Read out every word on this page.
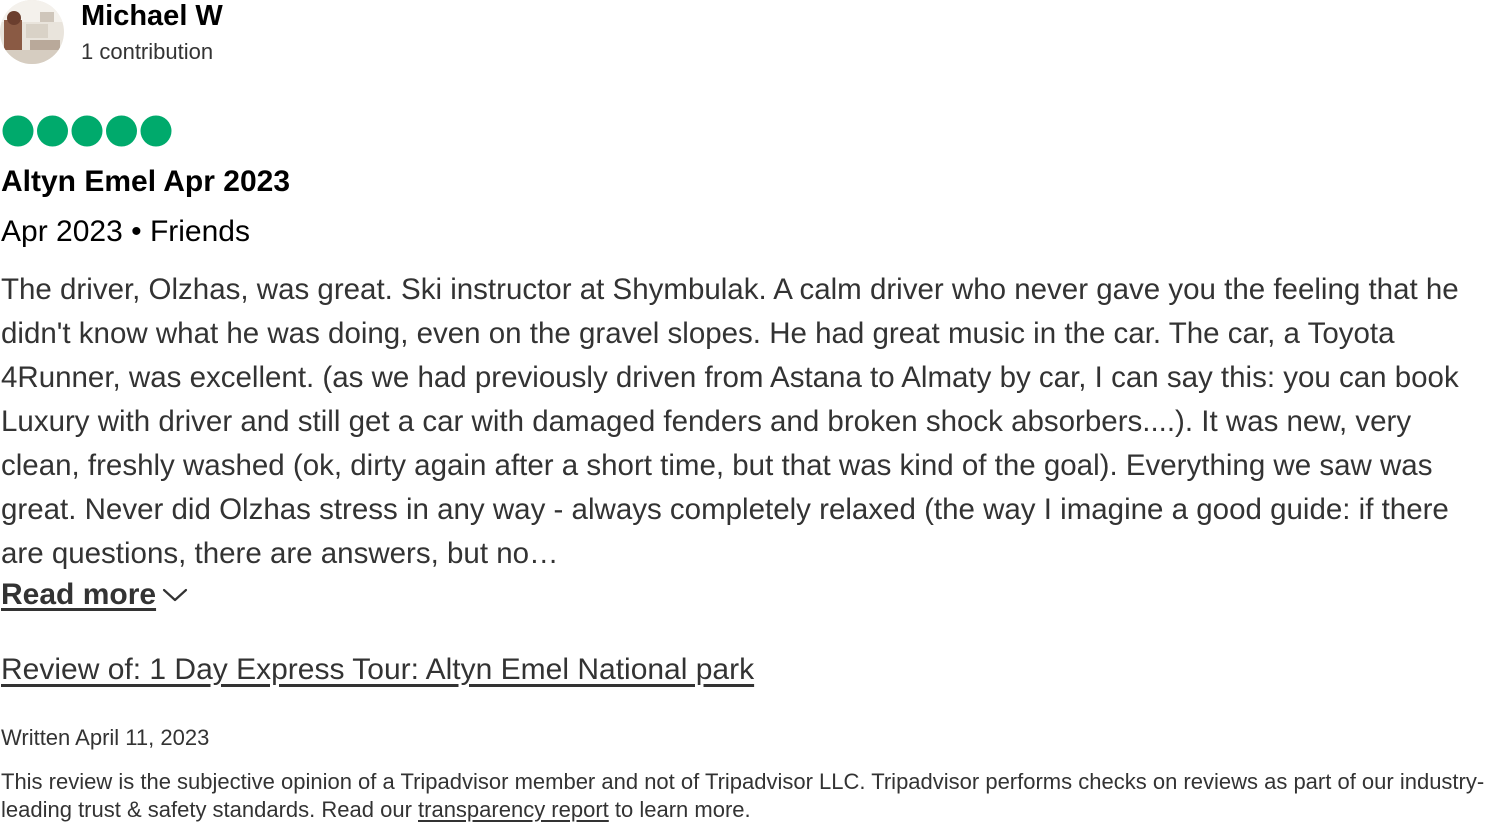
Michael W
1 contribution
Altyn Emel Apr 2023
Apr 2023 • Friends
The driver, Olzhas, was great. Ski instructor at Shymbulak. A calm driver who never gave you the feeling that he didn't know what he was doing, even on the gravel slopes. He had great music in the car. The car, a Toyota 4Runner, was excellent. (as we had previously driven from Astana to Almaty by car, I can say this: you can book Luxury with driver and still get a car with damaged fenders and broken shock absorbers....). It was new, very clean, freshly washed (ok, dirty again after a short time, but that was kind of the goal). Everything we saw was great. Never did Olzhas stress in any way - always completely relaxed (the way I imagine a good guide: if there are questions, there are answers, but no…
Read more
Review of: 1 Day Express Tour: Altyn Emel National park
Written April 11, 2023
This review is the subjective opinion of a Tripadvisor member and not of Tripadvisor LLC. Tripadvisor performs checks on reviews as part of our industry-leading trust & safety standards. Read our transparency report to learn more.
